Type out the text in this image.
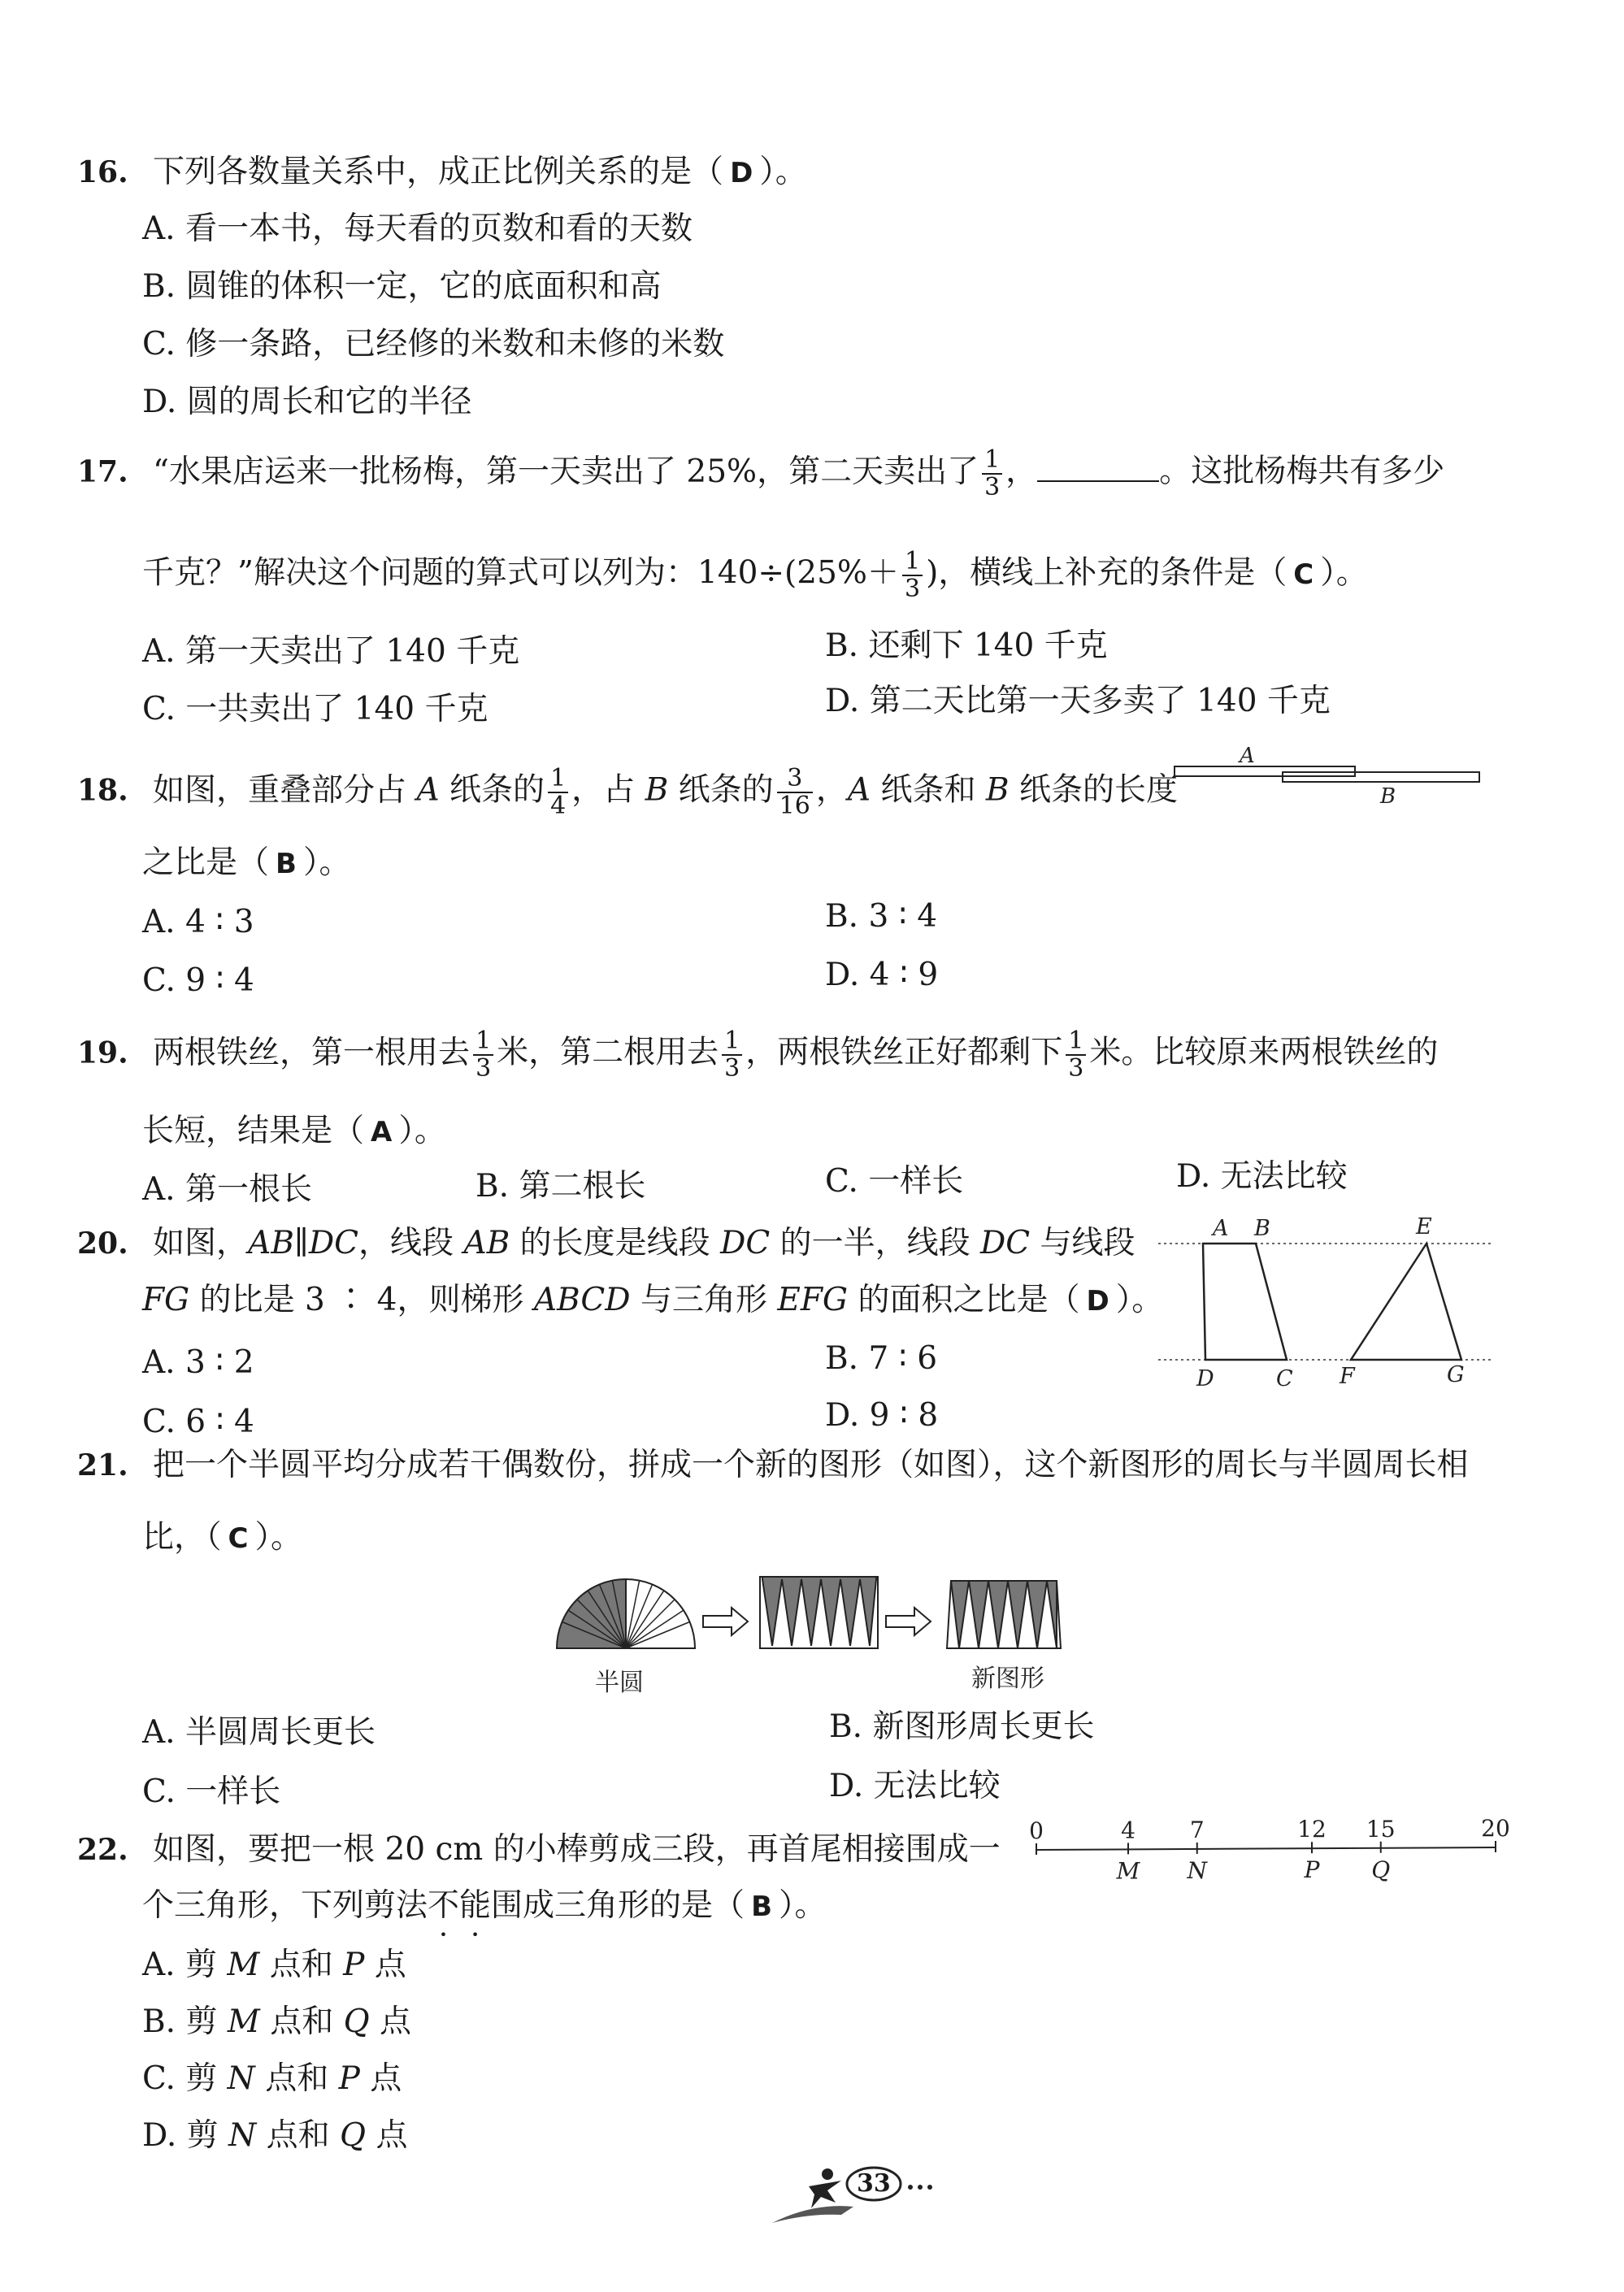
16. 下列各数量关系中，成正比例关系的是（ D ）。
A. 看一本书，每天看的页数和看的天数
B. 圆锥的体积一定，它的底面积和高
C. 修一条路，已经修的米数和未修的米数
D. 圆的周长和它的半径
17. “水果店运来一批杨梅，第一天卖出了 25%，第二天卖出了 $\frac{1}{3}$ ，	。这批杨梅共有多少
千克？”解决这个问题的算式可以列为：$140\div(25\%+ \frac{1}{3}$ )，横线上补充的条件是（ C ）。
A. 第一天卖出了 140 千克	B. 还剩下 140 千克
C. 一共卖出了 140 千克	D. 第二天比第一天多卖了 140 千克
18. 如图，重叠部分占 A 纸条的 $\frac{1}{4}$ ，占 B 纸条的 $\frac{3}{16}$ ，A 纸条和 B 纸条的长度
A
B
之比是（ B ）。
A. 4 ∶ 3	B. 3 ∶ 4
C. 9 ∶ 4	D. 4 ∶ 9
19. 两根铁丝，第一根用去 $\frac{1}{3}$ 米，第二根用去 $\frac{1}{3}$ ，两根铁丝正好都剩下 $\frac{1}{3}$ 米。比较原来两根铁丝的
长短，结果是（ A ）。
A. 第一根长	B. 第二根长	C. 一样长	D. 无法比较
20. 如图，AB∥DC，线段 AB 的长度是线段 DC 的一半，线段 DC 与线段
FG 的比是 3 ∶ 4，则梯形 ABCD 与三角形 EFG 的面积之比是（ D ）。
A. 3 ∶ 2	B. 7 ∶ 6
C. 6 ∶ 4	D. 9 ∶ 8
A B	E
D	C F	G
21. 把一个半圆平均分成若干偶数份，拼成一个新的图形（如图），这个新图形的周长与半圆周长相
比，（ C ）。
半圆	新图形
A. 半圆周长更长	B. 新图形周长更长
C. 一样长	D. 无法比较
22. 如图，要把一根 20 cm 的小棒剪成三段，再首尾相接围成一
个三角形，下列剪法不能围成三角形的是（ B ）。
0	4 7	12 15	20
M N	P Q
A. 剪 M 点和 P 点
B. 剪 M 点和 Q 点
C. 剪 N 点和 P 点
D. 剪 N 点和 Q 点
33
